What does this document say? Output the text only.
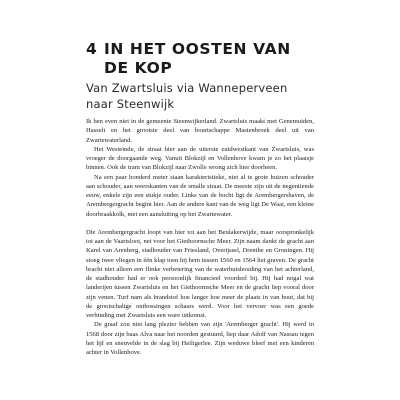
4 IN HET OOSTEN VAN
DE KOP
Van Zwartsluis via Wanneperveen
naar Steenwijk

Ik ben even niet in de gemeente Steenwijkerland. Zwartsluis maakt met Genemuiden, Hasselt en het grootste deel van bourtschappe Mastenbroek deel uit van Zwartewaterland.

Het Westeinde, de straat hier aan de uiterste zuidwestkant van Zwartsluis, was vroeger de doorgaande weg. Vanuit Blokzijl en Vollenhove kwam je zo het plaatsje binnen. Ook de tram van Blokzijl naar Zwolle wrong zich hier doorheen.

Na een paar honderd meter staan karakteristieke, niet al te grote huizen schouder aan schouder, aan weerskanten van de smalle straat. De meeste zijn uit de negentiende eeuw, enkele zijn een stukje ouder. Links van de bocht ligt de Arembergershaven, de Arembergergracht begint hier. Aan de andere kant van de weg ligt De Waai, een kleine doorbraakkolk, met een aansluiting op het Zwartewater.

Die Arembergergracht loopt van hier tot aan het Beulakerwijde, maar oorspronkelijk tot aan de Vaartsloot, net voor het Giethoornsche Meer. Zijn naam dankt de gracht aan Karel van Arenberg, stadhouder van Friesland, Overijssel, Drenthe en Groningen. Hij stoeg twee vliegen in één klap toen hij hem tussen 1560 en 1564 liet graven. De gracht bracht niet alleen een flinke verbetering van de waterhuishouding van het achterland, de stadhouder had er ook persoonlijk financieel voordeel bij. Hij had nogal wat landerijen tussen Zwartsluis en het Giethoornsche Meer en de gracht liep vooral door zijn venen. Turf nam als brandstof hoe langer hoe meer de plaats in van hout, dat bij de grootschalige ontbossingen schaars werd. Voor het vervoer was een goede verbinding met Zwartsluis een ware uitkomst.

De graaf zou niet lang plezier hebben van zijn 'Aremberger gracht'. Hij werd in 1568 door zijn baas Alva naar het noorden gestuurd, liep daar Adolf van Nassau tegen het lijf en sneuvelde in de slag bij Heiligerlee. Zijn weduwe bleef met een kinderen achter in Vollenhove.
